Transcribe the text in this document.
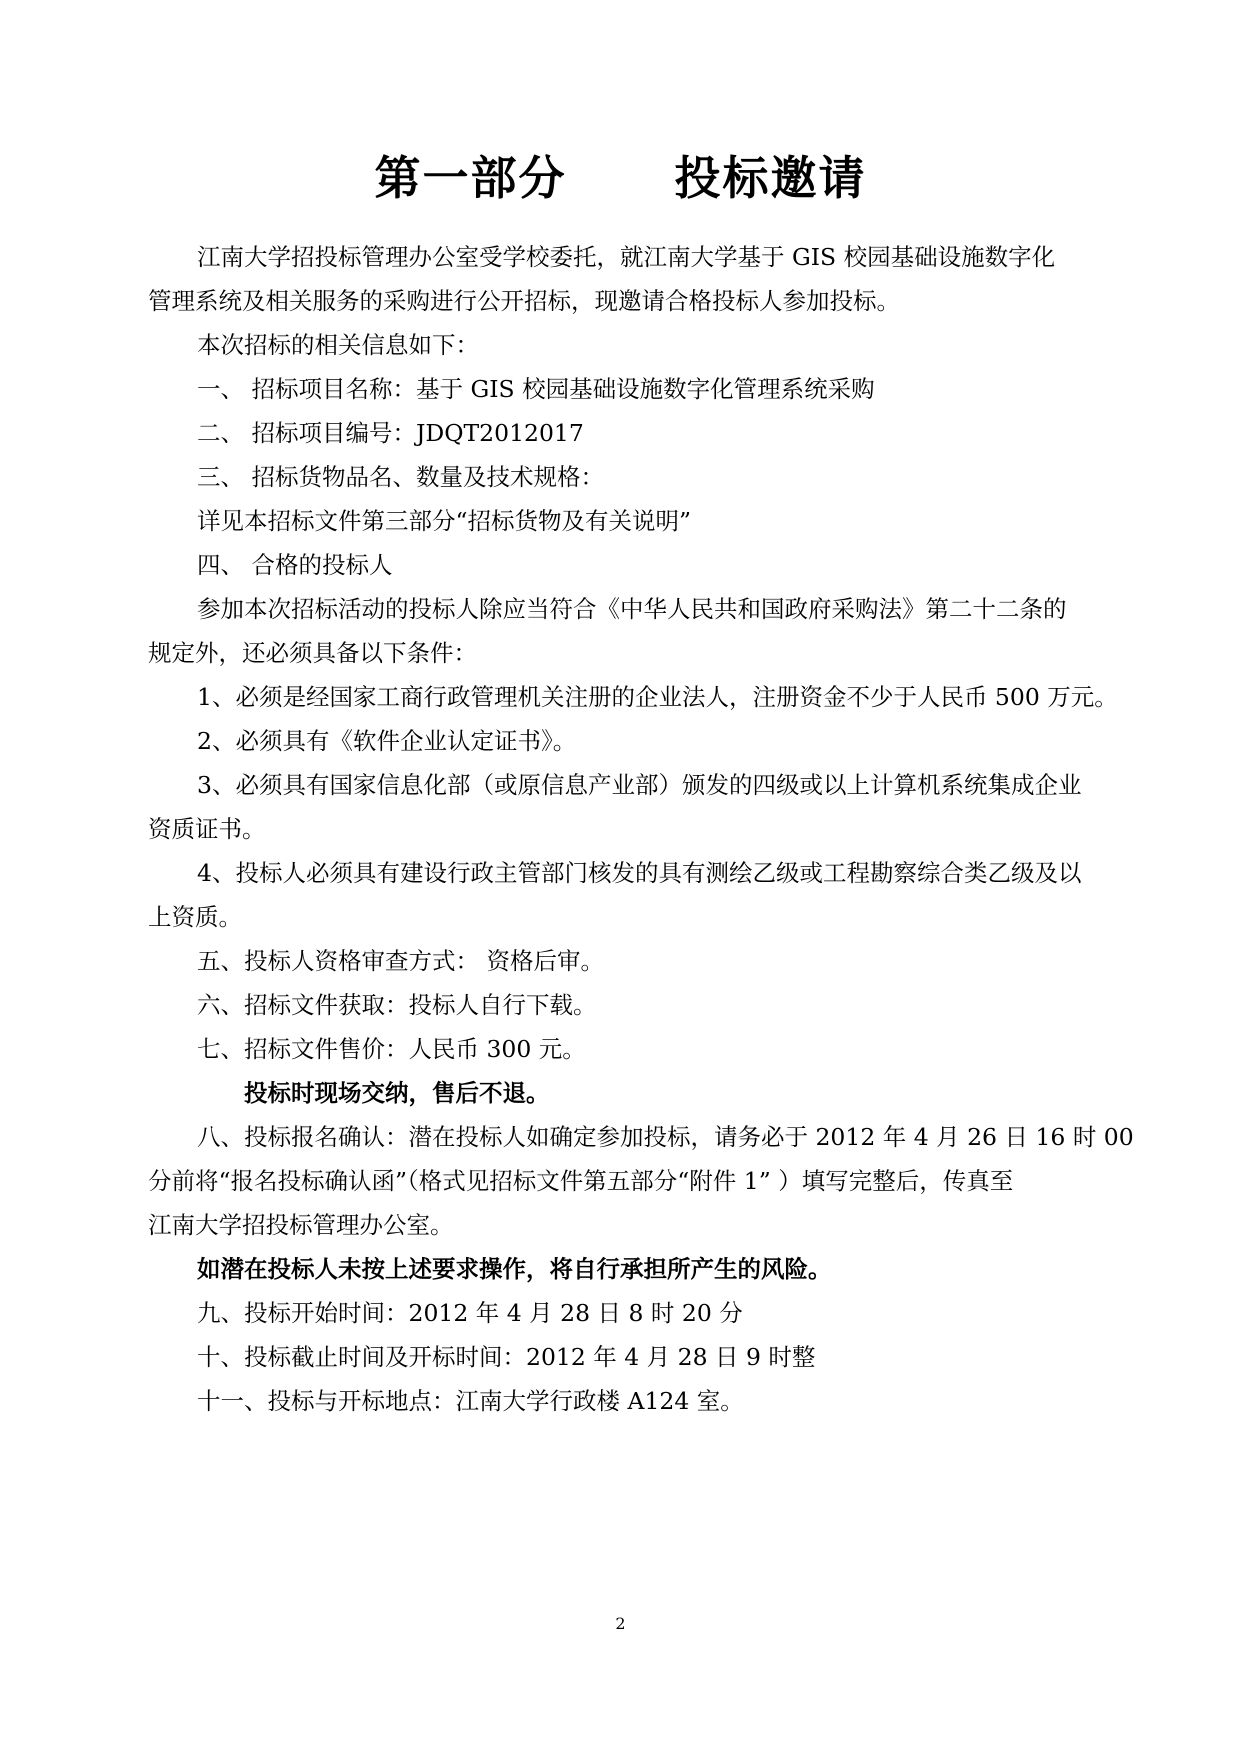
第一部分      投标邀请
江南大学招投标管理办公室受学校委托，就江南大学基于 GIS 校园基础设施数字化
管理系统及相关服务的采购进行公开招标，现邀请合格投标人参加投标。
本次招标的相关信息如下：
一、 招标项目名称：基于 GIS 校园基础设施数字化管理系统采购
二、 招标项目编号：JDQT2012017
三、 招标货物品名、数量及技术规格：
详见本招标文件第三部分“招标货物及有关说明”
四、 合格的投标人
参加本次招标活动的投标人除应当符合《中华人民共和国政府采购法》第二十二条的
规定外，还必须具备以下条件：
1、必须是经国家工商行政管理机关注册的企业法人，注册资金不少于人民币 500 万元。
2、必须具有《软件企业认定证书》。
3、必须具有国家信息化部（或原信息产业部）颁发的四级或以上计算机系统集成企业
资质证书。
4、投标人必须具有建设行政主管部门核发的具有测绘乙级或工程勘察综合类乙级及以
上资质。
五、投标人资格审查方式： 资格后审。
六、招标文件获取：投标人自行下载。
七、招标文件售价：人民币 300 元。
投标时现场交纳，售后不退。
八、投标报名确认：潜在投标人如确定参加投标，请务必于 2012 年 4 月 26 日 16 时 00
分前将“报名投标确认函”（格式见招标文件第五部分“附件 1” ）填写完整后，传真至
江南大学招投标管理办公室。
如潜在投标人未按上述要求操作，将自行承担所产生的风险。
九、投标开始时间：2012 年 4 月 28 日 8 时 20 分
十、投标截止时间及开标时间：2012 年 4 月 28 日 9 时整
十一、投标与开标地点：江南大学行政楼 A124 室。
2
